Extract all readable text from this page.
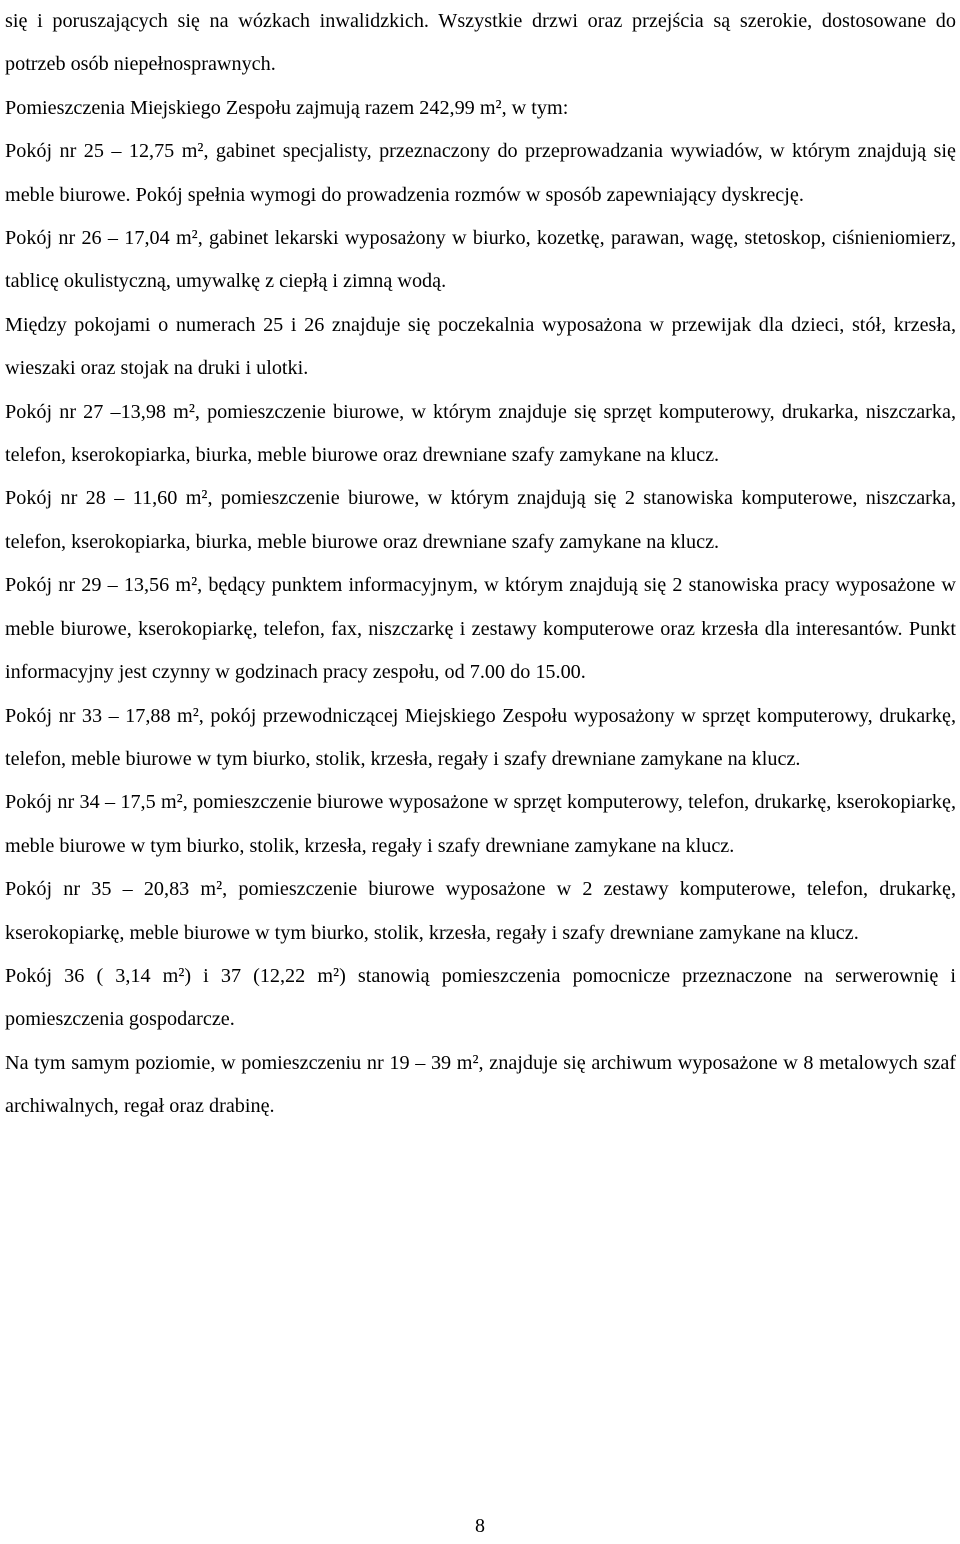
się i poruszających się na wózkach inwalidzkich. Wszystkie drzwi oraz przejścia są szerokie, dostosowane do potrzeb osób niepełnosprawnych.

Pomieszczenia Miejskiego Zespołu zajmują razem 242,99 m², w tym:

Pokój nr 25 – 12,75 m², gabinet specjalisty, przeznaczony do przeprowadzania wywiadów, w którym znajdują się meble biurowe. Pokój spełnia wymogi do prowadzenia rozmów w sposób zapewniający dyskrecję.

Pokój nr 26 – 17,04 m², gabinet lekarski wyposażony w biurko, kozetkę, parawan, wagę, stetoskop, ciśnieniomierz, tablicę okulistyczną, umywalkę z ciepłą i zimną wodą.

Między pokojami o numerach 25 i 26 znajduje się poczekalnia wyposażona w przewijak dla dzieci, stół, krzesła, wieszaki oraz stojak na druki i ulotki.

Pokój nr 27 –13,98 m², pomieszczenie biurowe, w którym znajduje się sprzęt komputerowy, drukarka, niszczarka, telefon, kserokopiarka, biurka, meble biurowe oraz drewniane szafy zamykane na klucz.

Pokój nr 28 – 11,60 m², pomieszczenie biurowe, w którym znajdują się 2 stanowiska komputerowe, niszczarka, telefon, kserokopiarka, biurka, meble biurowe oraz drewniane szafy zamykane na klucz.

Pokój nr 29 – 13,56 m², będący punktem informacyjnym, w którym znajdują się 2 stanowiska pracy wyposażone w meble biurowe, kserokopiarkę, telefon, fax, niszczarkę i zestawy komputerowe oraz krzesła dla interesantów. Punkt informacyjny jest czynny w godzinach pracy zespołu, od 7.00 do 15.00.

Pokój nr 33 – 17,88 m², pokój przewodniczącej Miejskiego Zespołu wyposażony w sprzęt komputerowy, drukarkę, telefon, meble biurowe w tym biurko, stolik, krzesła, regały i szafy drewniane zamykane na klucz.

Pokój nr 34 – 17,5 m², pomieszczenie biurowe wyposażone w sprzęt komputerowy, telefon, drukarkę, kserokopiarkę, meble biurowe w tym biurko, stolik, krzesła, regały i szafy drewniane zamykane na klucz.

Pokój nr 35 – 20,83 m², pomieszczenie biurowe wyposażone w 2 zestawy komputerowe, telefon, drukarkę, kserokopiarkę, meble biurowe w tym biurko, stolik, krzesła, regały i szafy drewniane zamykane na klucz.

Pokój 36 ( 3,14 m²) i 37 (12,22 m²) stanowią pomieszczenia pomocnicze przeznaczone na serwerownię i pomieszczenia gospodarcze.

Na tym samym poziomie, w pomieszczeniu nr 19 – 39 m², znajduje się archiwum wyposażone w 8 metalowych szaf archiwalnych, regał oraz drabinę.

8
